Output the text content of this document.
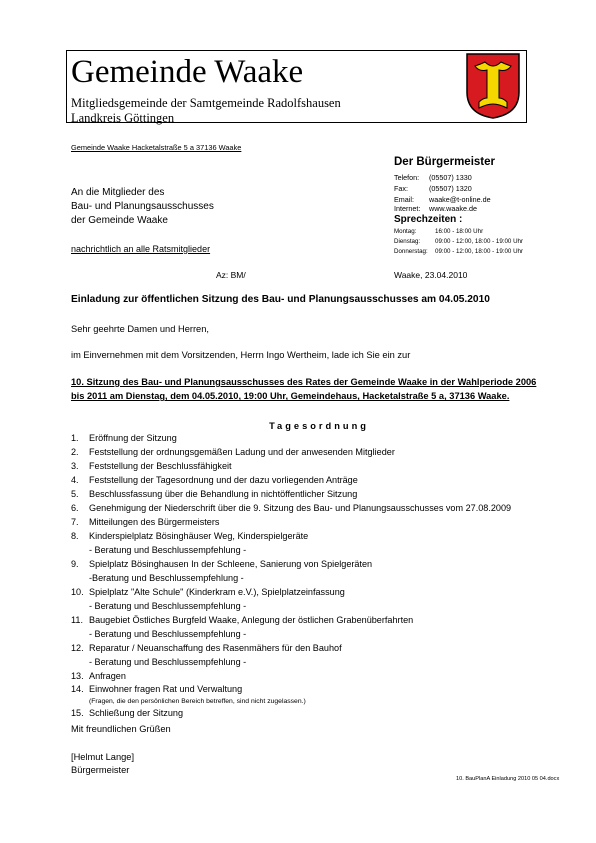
Gemeinde Waake
Mitgliedsgemeinde der Samtgemeinde Radolfshausen
Landkreis Göttingen
Gemeinde Waake Hacketalstraße 5 a 37136 Waake
An die Mitglieder des
Bau- und Planungsausschusses
der Gemeinde Waake
nachrichtlich an alle Ratsmitglieder
Der Bürgermeister
Telefon: (05507) 1330
Fax:	(05507) 1320
Email: waake@t-online.de
Internet: www.waake.de
Sprechzeiten :
Montag:	16:00 - 18:00 Uhr
Dienstag: 09:00 - 12:00, 18:00 - 19:00 Uhr
Donnerstag: 09:00 - 12:00, 18:00 - 19:00 Uhr
Az: BM/	Waake, 23.04.2010
Einladung zur öffentlichen Sitzung des Bau- und Planungsausschusses am 04.05.2010
Sehr geehrte Damen und Herren,
im Einvernehmen mit dem Vorsitzenden, Herrn Ingo Wertheim, lade ich Sie ein zur
10. Sitzung des Bau- und Planungsausschusses des Rates der Gemeinde Waake in der Wahlperiode 2006
bis 2011 am Dienstag, dem 04.05.2010, 19:00 Uhr, Gemeindehaus, Hacketalstraße 5 a, 37136 Waake.
Tagesordnung
1. Eröffnung der Sitzung
2. Feststellung der ordnungsgemäßen Ladung und der anwesenden Mitglieder
3. Feststellung der Beschlussfähigkeit
4. Feststellung der Tagesordnung und der dazu vorliegenden Anträge
5. Beschlussfassung über die Behandlung in nichtöffentlicher Sitzung
6. Genehmigung der Niederschrift über die 9. Sitzung des Bau- und Planungsausschusses vom 27.08.2009
7. Mitteilungen des Bürgermeisters
8. Kinderspielplatz Bösinghäuser Weg, Kinderspielgeräte
- Beratung und Beschlussempfehlung -
9. Spielplatz Bösinghausen In der Schleene, Sanierung von Spielgeräten
-Beratung und Beschlussempfehlung -
10. Spielplatz "Alte Schule" (Kinderkram e.V.), Spielplatzeinfassung
- Beratung und Beschlussempfehlung -
11. Baugebiet Östliches Burgfeld Waake, Anlegung der östlichen Grabenüberfahrten
- Beratung und Beschlussempfehlung -
12. Reparatur / Neuanschaffung des Rasenmähers für den Bauhof
- Beratung und Beschlussempfehlung -
13. Anfragen
14. Einwohner fragen Rat und Verwaltung
(Fragen, die den persönlichen Bereich betreffen, sind nicht zugelassen.)
15. Schließung der Sitzung
Mit freundlichen Grüßen
[Helmut Lange]
Bürgermeister
10. BauPlanA Einladung 2010 05 04.docx
